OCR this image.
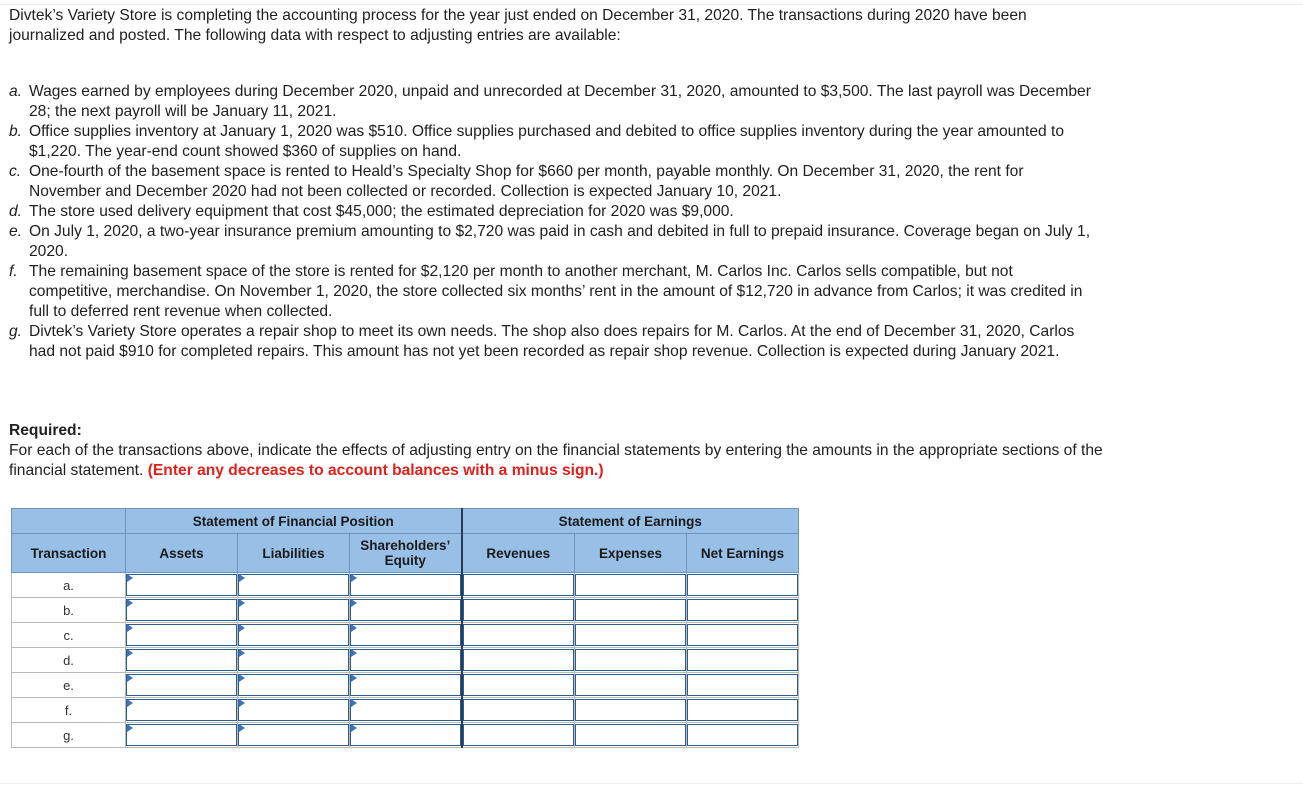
Divtek’s Variety Store is completing the accounting process for the year just ended on December 31, 2020. The transactions during 2020 have been journalized and posted. The following data with respect to adjusting entries are available:

a. Wages earned by employees during December 2020, unpaid and unrecorded at December 31, 2020, amounted to $3,500. The last payroll was December 28; the next payroll will be January 11, 2021.
b. Office supplies inventory at January 1, 2020 was $510. Office supplies purchased and debited to office supplies inventory during the year amounted to $1,220. The year-end count showed $360 of supplies on hand.
c. One-fourth of the basement space is rented to Heald’s Specialty Shop for $660 per month, payable monthly. On December 31, 2020, the rent for November and December 2020 had not been collected or recorded. Collection is expected January 10, 2021.
d. The store used delivery equipment that cost $45,000; the estimated depreciation for 2020 was $9,000.
e. On July 1, 2020, a two-year insurance premium amounting to $2,720 was paid in cash and debited in full to prepaid insurance. Coverage began on July 1, 2020.
f. The remaining basement space of the store is rented for $2,120 per month to another merchant, M. Carlos Inc. Carlos sells compatible, but not competitive, merchandise. On November 1, 2020, the store collected six months’ rent in the amount of $12,720 in advance from Carlos; it was credited in full to deferred rent revenue when collected.
g. Divtek’s Variety Store operates a repair shop to meet its own needs. The shop also does repairs for M. Carlos. At the end of December 31, 2020, Carlos had not paid $910 for completed repairs. This amount has not yet been recorded as repair shop revenue. Collection is expected during January 2021.
Required:
For each of the transactions above, indicate the effects of adjusting entry on the financial statements by entering the amounts in the appropriate sections of the financial statement. (Enter any decreases to account balances with a minus sign.)
	Statement of Financial Position			Statement of Earnings		
Transaction	Assets	Liabilities	Shareholders’ Equity	Revenues	Expenses	Net Earnings
a.	

b.	

c.	

d.	

e.	

f.	

g.	
